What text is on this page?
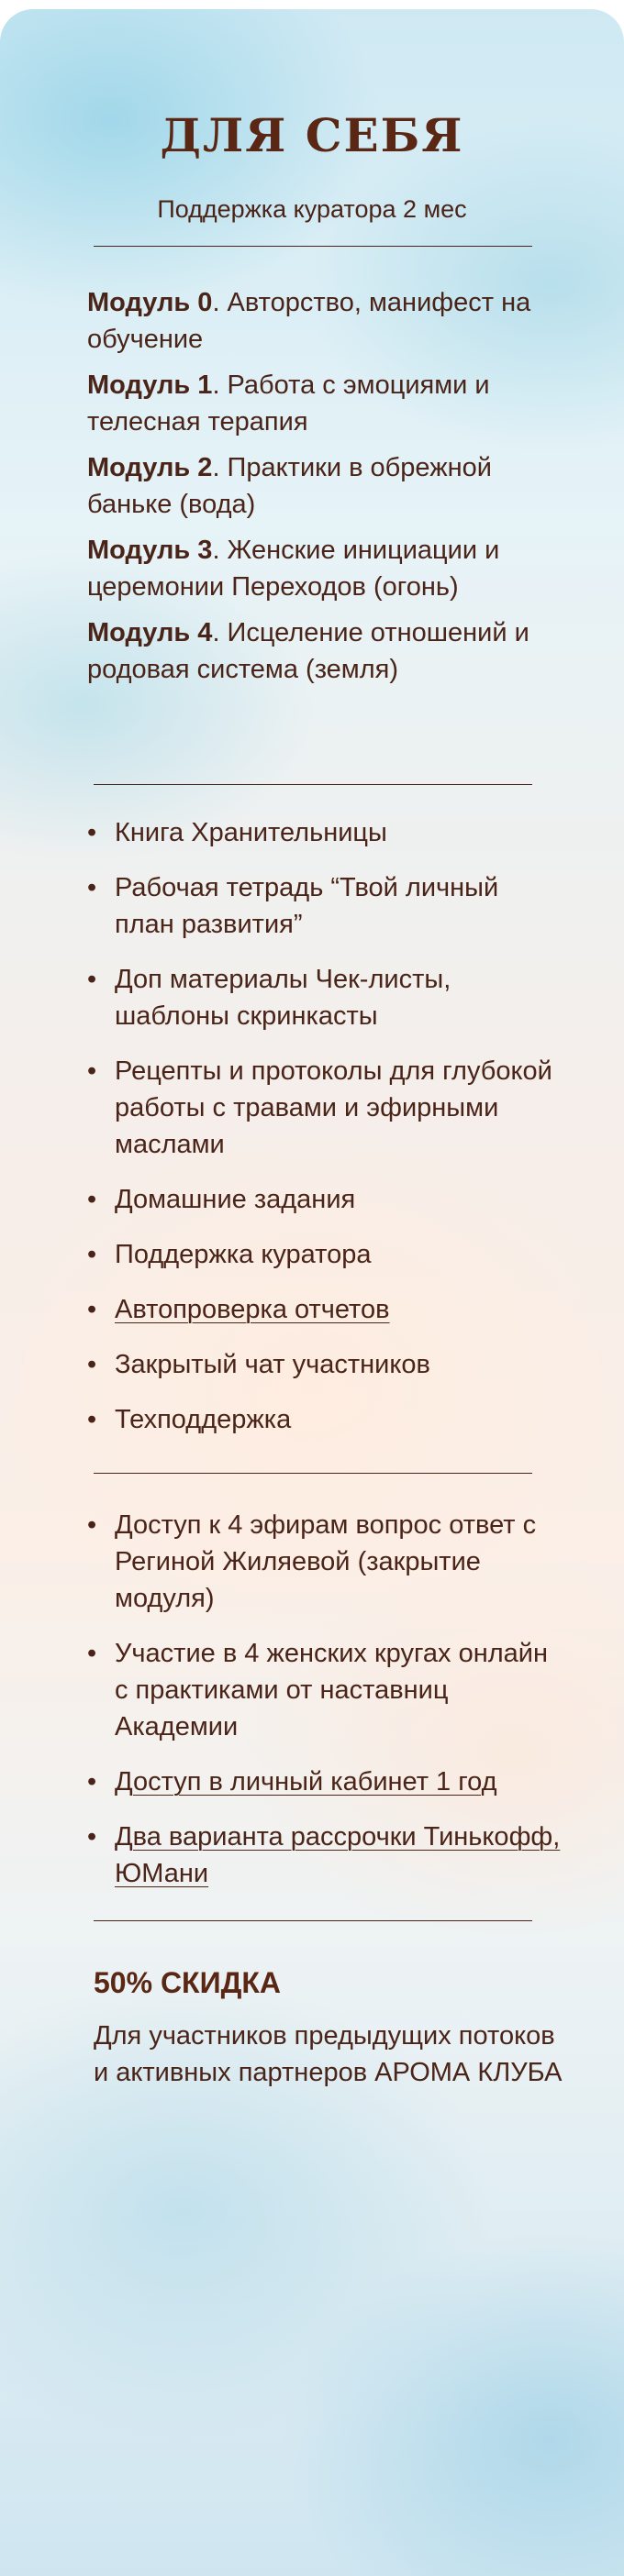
ДЛЯ СЕБЯ
Поддержка куратора 2 мес
Модуль 0. Авторство, манифест на обучение
Модуль 1. Работа с эмоциями и телесная терапия
Модуль 2. Практики в обрежной баньке (вода)
Модуль 3. Женские инициации и церемонии Переходов (огонь)
Модуль 4. Исцеление отношений и родовая система (земля)
• Книга Хранительницы
• Рабочая тетрадь “Твой личный план развития”
• Доп материалы Чек-листы, шаблоны скринкасты
• Рецепты и протоколы для глубокой работы с травами и эфирными маслами
• Домашние задания
• Поддержка куратора
• Автопроверка отчетов
• Закрытый чат участников
• Техподдержка
• Доступ к 4 эфирам вопрос ответ с Региной Жиляевой (закрытие модуля)
• Участие в 4 женских кругах онлайн с практиками от наставниц Академии
• Доступ в личный кабинет 1 год
• Два варианта рассрочки Тинькофф, ЮМани
50% СКИДКА
Для участников предыдущих потоков и активных партнеров АРОМА КЛУБА
